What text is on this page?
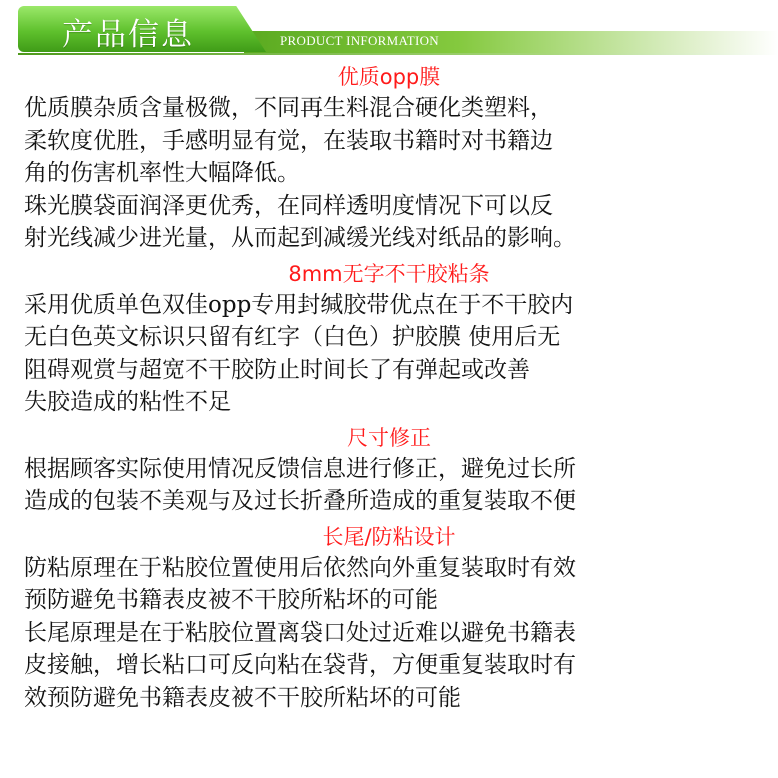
产品信息	PRODUCT INFORMATION
优质opp膜
优质膜杂质含量极微，不同再生料混合硬化类塑料，
柔软度优胜，手感明显有觉，在装取书籍时对书籍边
角的伤害机率性大幅降低。
珠光膜袋面润泽更优秀，在同样透明度情况下可以反
射光线减少进光量，从而起到减缓光线对纸品的影响。
8mm无字不干胶粘条
采用优质单色双佳opp专用封缄胶带优点在于不干胶内
无白色英文标识只留有红字（白色）护胶膜 使用后无
阻碍观赏与超宽不干胶防止时间长了有弹起或改善
失胶造成的粘性不足
尺寸修正
根据顾客实际使用情况反馈信息进行修正，避免过长所
造成的包装不美观与及过长折叠所造成的重复装取不便
长尾/防粘设计
防粘原理在于粘胶位置使用后依然向外重复装取时有效
预防避免书籍表皮被不干胶所粘坏的可能
长尾原理是在于粘胶位置离袋口处过近难以避免书籍表
皮接触，增长粘口可反向粘在袋背，方便重复装取时有
效预防避免书籍表皮被不干胶所粘坏的可能
